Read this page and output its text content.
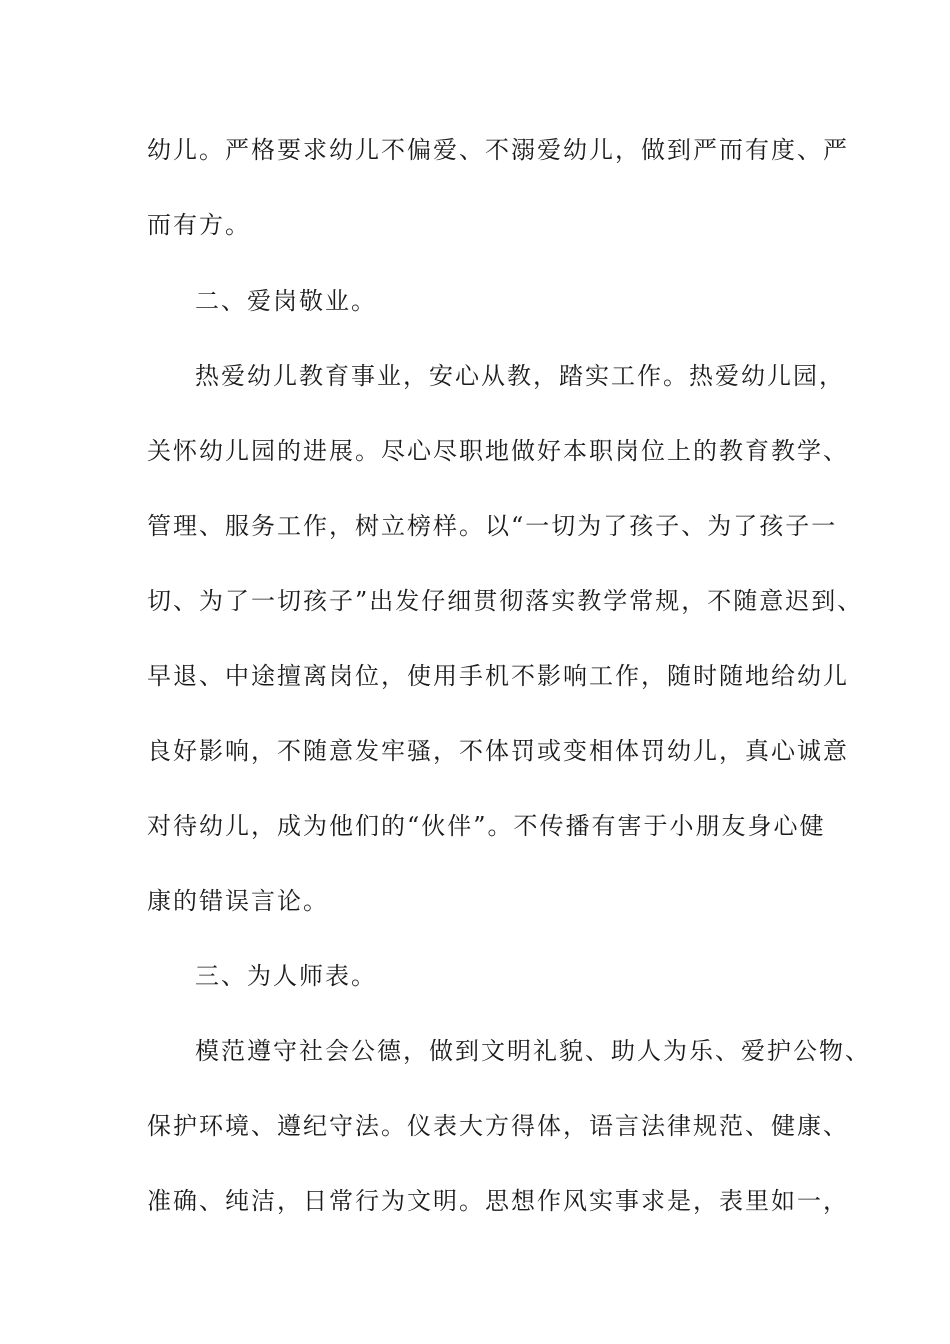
幼儿。严格要求幼儿不偏爱、不溺爱幼儿，做到严而有度、严
而有方。
二、爱岗敬业。
热爱幼儿教育事业，安心从教，踏实工作。热爱幼儿园，
关怀幼儿园的进展。尽心尽职地做好本职岗位上的教育教学、
管理、服务工作，树立榜样。以“一切为了孩子、为了孩子一
切、为了一切孩子”出发仔细贯彻落实教学常规，不随意迟到、
早退、中途擅离岗位，使用手机不影响工作，随时随地给幼儿
良好影响，不随意发牢骚，不体罚或变相体罚幼儿，真心诚意
对待幼儿，成为他们的“伙伴”。不传播有害于小朋友身心健
康的错误言论。
三、为人师表。
模范遵守社会公德，做到文明礼貌、助人为乐、爱护公物、
保护环境、遵纪守法。仪表大方得体，语言法律规范、健康、
准确、纯洁，日常行为文明。思想作风实事求是，表里如一，
